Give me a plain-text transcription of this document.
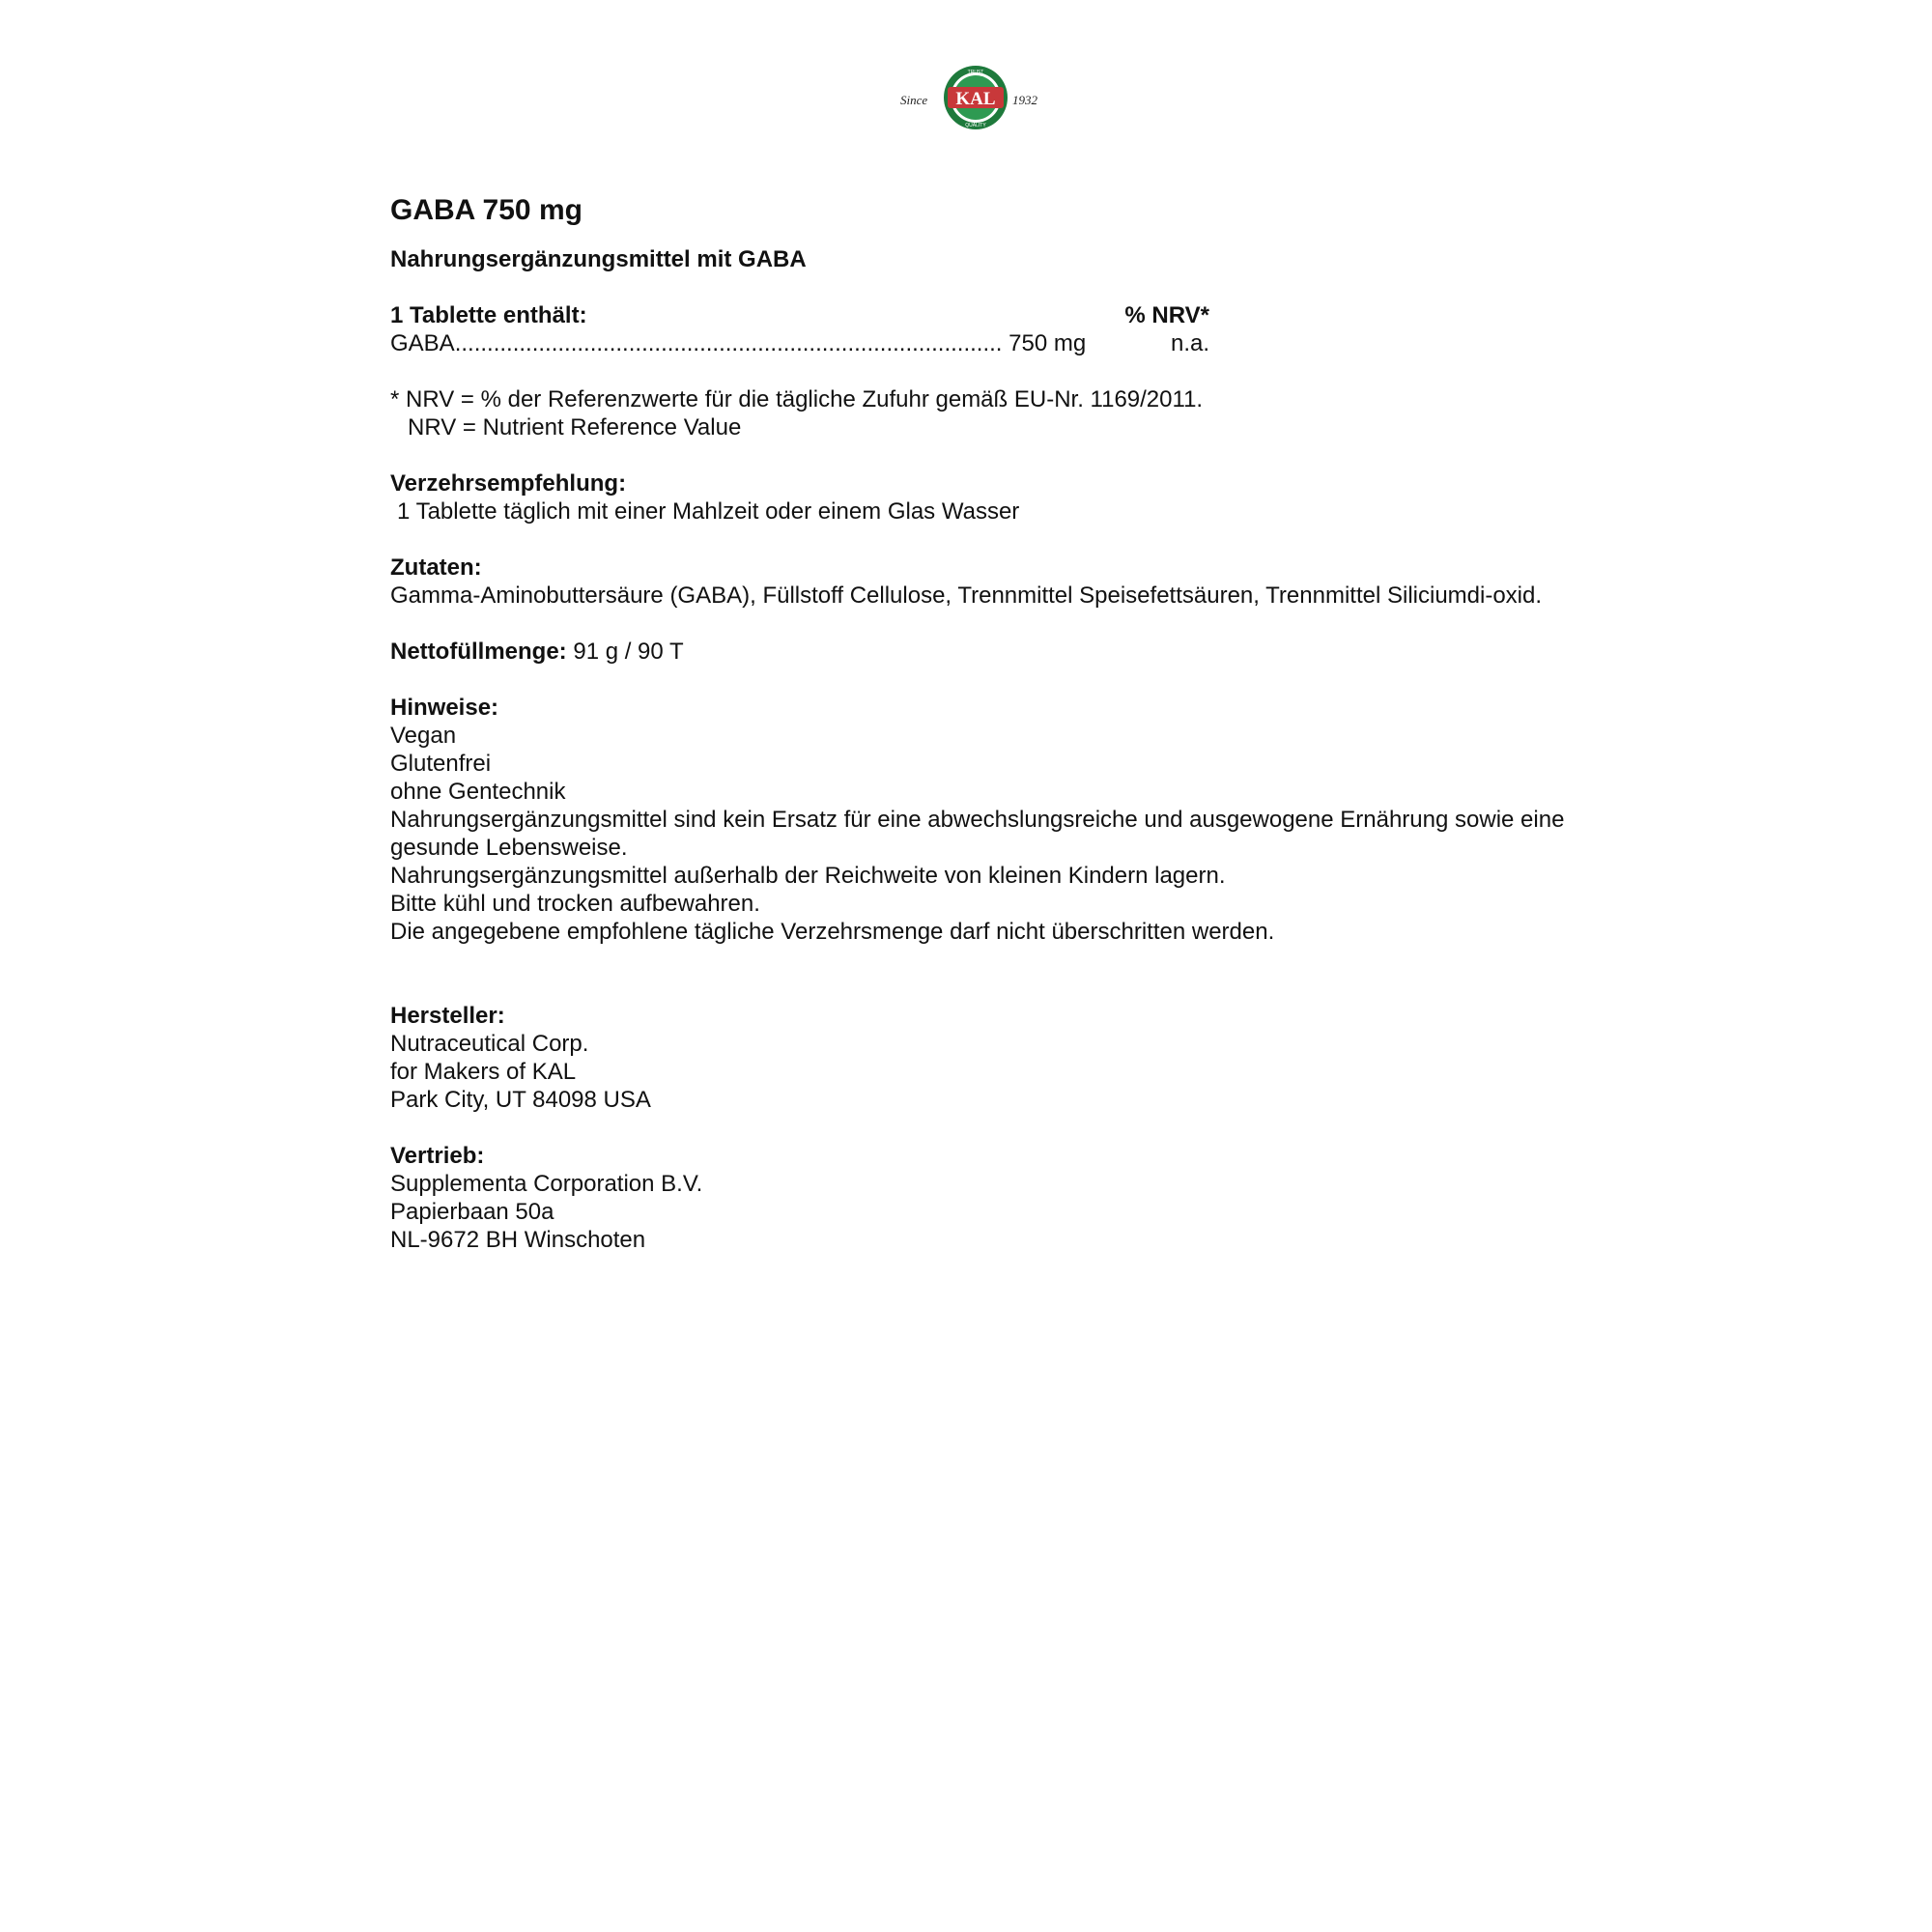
Since	1932
KAL
TRUST
QUALITY
GABA 750 mg
Nahrungsergänzungsmittel mit GABA
1 Tablette enthält:	% NRV*
GABA..................................................................................... 750 mg	n.a.
* NRV = % der Referenzwerte für die tägliche Zufuhr gemäß EU-Nr. 1169/2011.
NRV = Nutrient Reference Value
Verzehrsempfehlung:
1 Tablette täglich mit einer Mahlzeit oder einem Glas Wasser
Zutaten:
Gamma-Aminobuttersäure (GABA), Füllstoff Cellulose, Trennmittel Speisefettsäuren, Trennmittel Siliciumdi-oxid.
Nettofüllmenge: 91 g / 90 T
Hinweise:
Vegan
Glutenfrei
ohne Gentechnik
Nahrungsergänzungsmittel sind kein Ersatz für eine abwechslungsreiche und ausgewogene Ernährung sowie eine gesunde Lebensweise.
Nahrungsergänzungsmittel außerhalb der Reichweite von kleinen Kindern lagern.
Bitte kühl und trocken aufbewahren.
Die angegebene empfohlene tägliche Verzehrsmenge darf nicht überschritten werden.
Hersteller:
Nutraceutical Corp.
for Makers of KAL
Park City, UT 84098 USA
Vertrieb:
Supplementa Corporation B.V.
Papierbaan 50a
NL-9672 BH Winschoten
